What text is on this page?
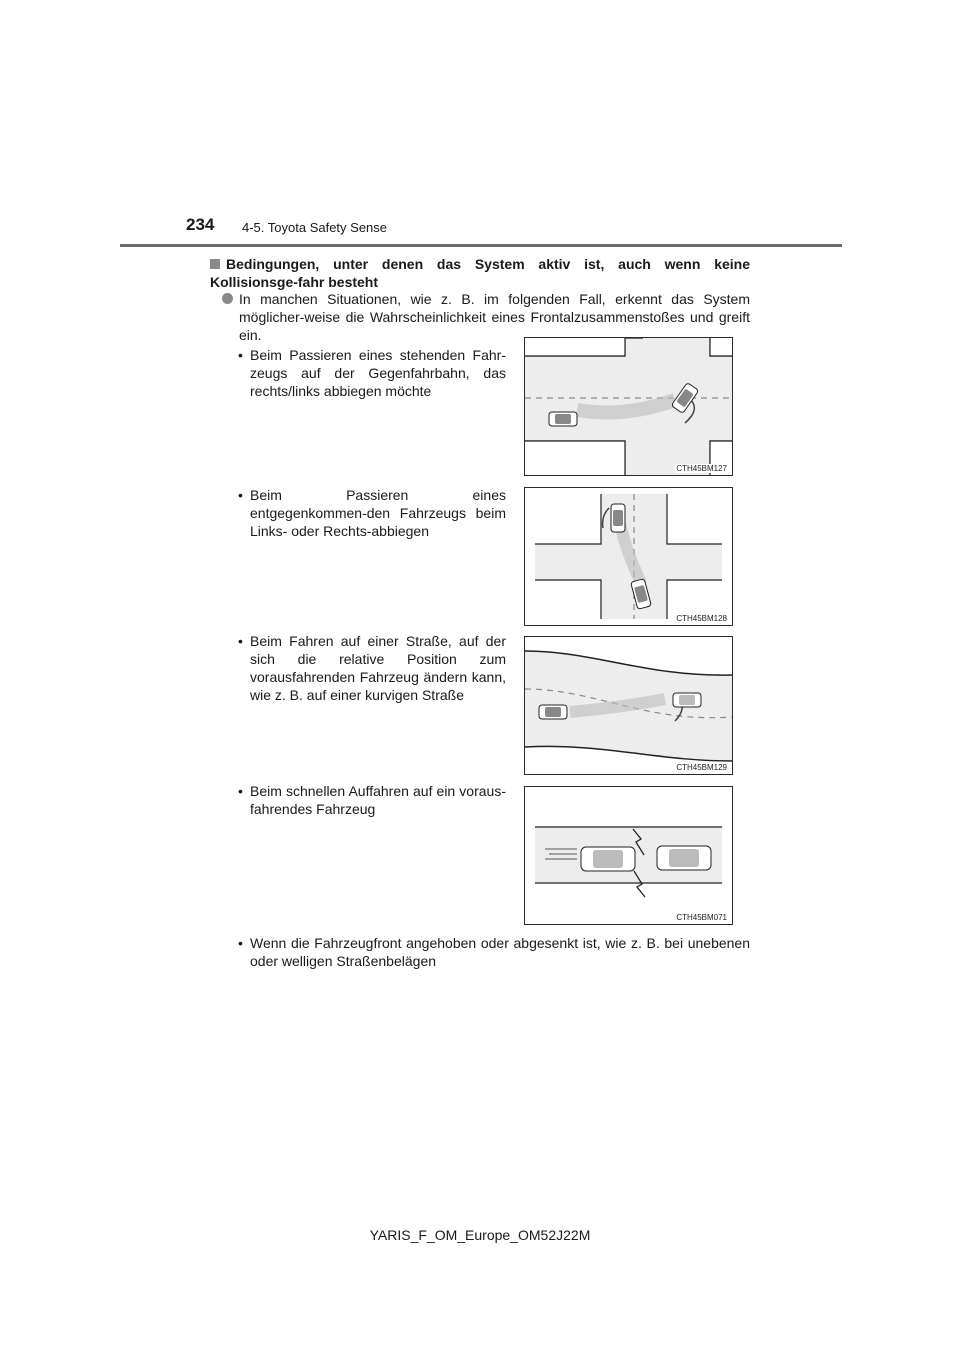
234 4-5. Toyota Safety Sense
Bedingungen, unter denen das System aktiv ist, auch wenn keine Kollisionsge-fahr besteht
In manchen Situationen, wie z. B. im folgenden Fall, erkennt das System möglicher-weise die Wahrscheinlichkeit eines Frontalzusammenstoßes und greift ein.
• Beim Passieren eines stehenden Fahr-zeugs auf der Gegenfahrbahn, das rechts/links abbiegen möchte
CTH45BM127
• Beim Passieren eines entgegenkommen-den Fahrzeugs beim Links- oder Rechts-abbiegen
CTH45BM128
• Beim Fahren auf einer Straße, auf der sich die relative Position zum vorausfahrenden Fahrzeug ändern kann, wie z. B. auf einer kurvigen Straße
CTH45BM129
• Beim schnellen Auffahren auf ein voraus-fahrendes Fahrzeug
CTH45BM071
• Wenn die Fahrzeugfront angehoben oder abgesenkt ist, wie z. B. bei unebenen oder welligen Straßenbelägen
YARIS_F_OM_Europe_OM52J22M
